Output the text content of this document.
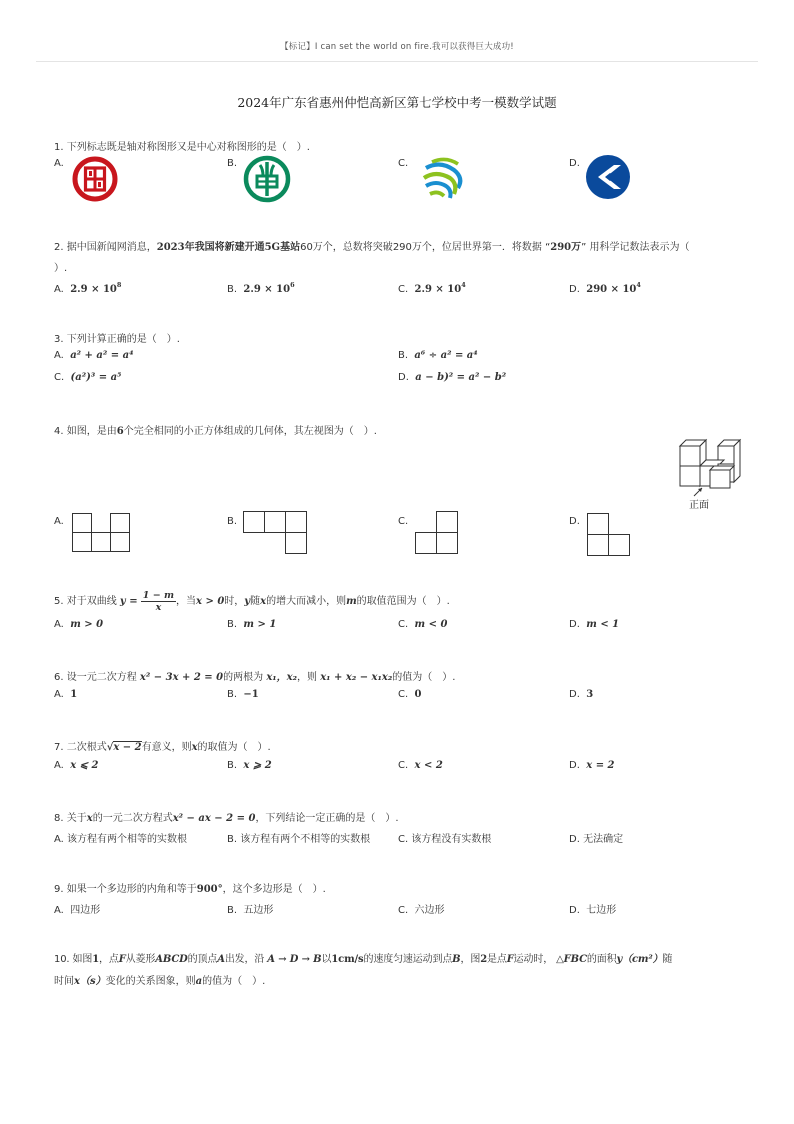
【标记】I can set the world on fire.我可以获得巨大成功!
2024年广东省惠州仲恺高新区第七学校中考一模数学试题
1. 下列标志既是轴对称图形又是中心对称图形的是（　）.
A.	B.	C.	D.
2. 据中国新闻网消息，2023年我国将新建开通5G基站60万个，总数将突破290万个，位居世界第一．将数据 “290万” 用科学记数法表示为（
）.
A. $2.9 \times 10^8$	B. $2.9 \times 10^6$	C. $2.9 \times 10^4$	D. $290 \times 10^4$
3. 下列计算正确的是（　）.
A. a² + a² = a⁴	B. a⁶ ÷ a² = a⁴
C. (a²)³ = a⁵	D. a − b)² = a² − b²
4. 如图，是由6个完全相同的小正方体组成的几何体，其左视图为（　）.
正面
A.	B.	C.	D.
5. 对于双曲线 $y = \frac{1 - m}{x}$ ，当x > 0时，y随x的增大而减小，则m的取值范围为（　）.
A. m > 0	B. m > 1	C. m < 0	D. m < 1
6. 设一元二次方程 x² − 3x + 2 = 0的两根为 x₁，x₂，则 x₁ + x₂ − x₁x₂的值为（　）.
A. 1	B. −1	C. 0	D. 3
7. 二次根式√x − 2有意义，则x的取值为（　）.
A. x ⩽ 2	B. x ⩾ 2	C. x < 2	D. x = 2
8. 关于x的一元二次方程式x² − ax − 2 = 0，下列结论一定正确的是（　）.
A. 该方程有两个相等的实数根	B. 该方程有两个不相等的实数根	C. 该方程没有实数根	D. 无法确定
9. 如果一个多边形的内角和等于900°，这个多边形是（　）.
A. 四边形	B. 五边形	C. 六边形	D. 七边形
10. 如图1，点F从菱形ABCD的顶点A出发，沿 A → D → B以1cm/s的速度匀速运动到点B，图2是点F运动时， △FBC的面积y（cm²）随
时间x（s）变化的关系图象，则a的值为（　）.
